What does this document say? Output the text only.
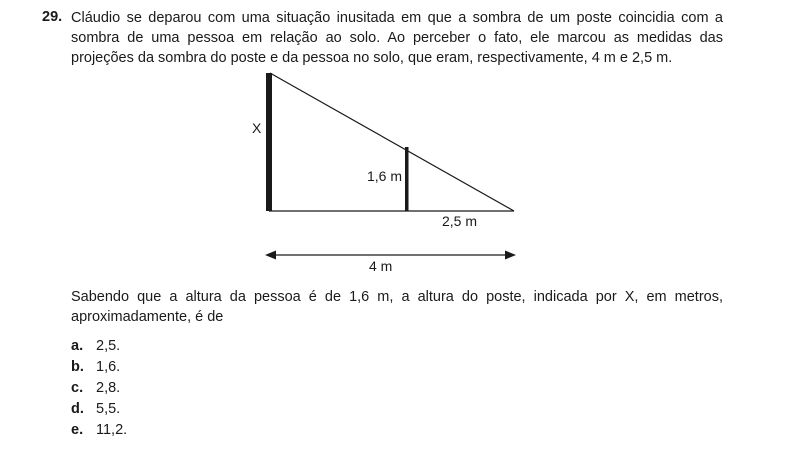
29. Cláudio se deparou com uma situação inusitada em que a sombra de um poste coincidia com a sombra de uma pessoa em relação ao solo. Ao perceber o fato, ele marcou as medidas das projeções da sombra do poste e da pessoa no solo, que eram, respectivamente, 4 m e 2,5 m.
X
1,6 m
2,5 m
4 m
Sabendo que a altura da pessoa é de 1,6 m, a altura do poste, indicada por X, em metros, aproximadamente, é de
a. 2,5.
b. 1,6.
c. 2,8.
d. 5,5.
e. 11,2.
